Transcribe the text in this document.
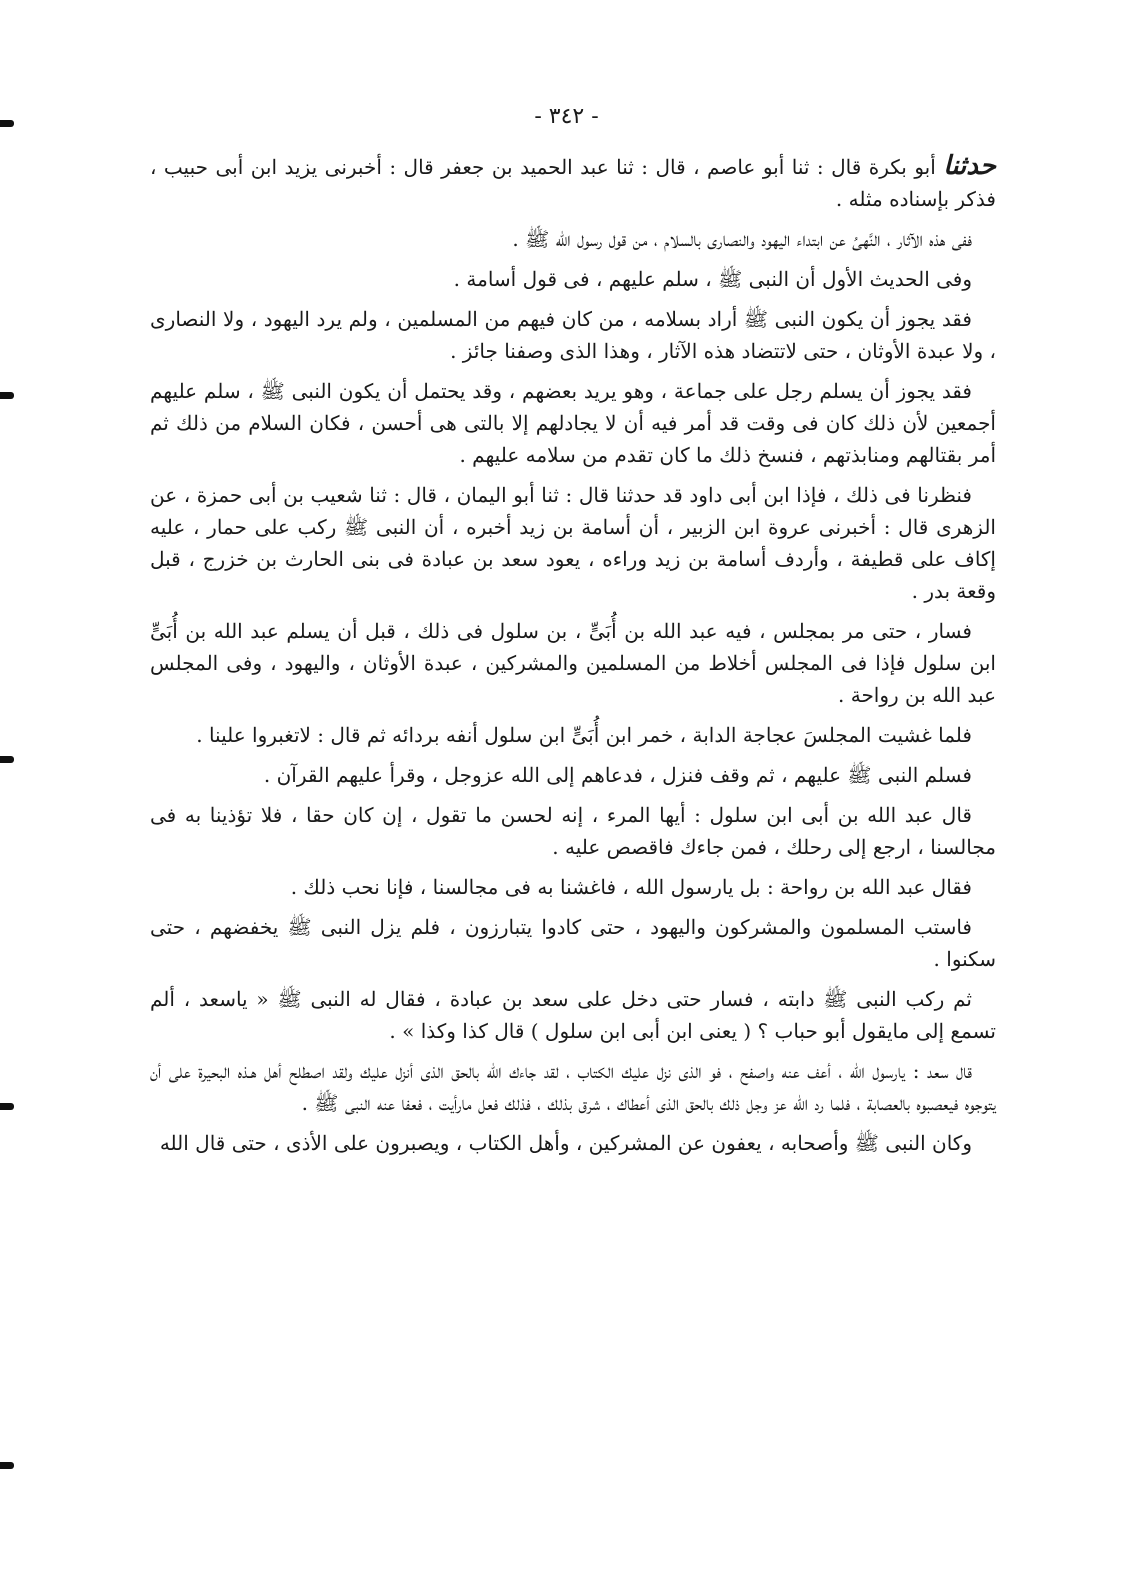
- ٣٤٢ -

حدثنا أبو بكرة قال : ثنا أبو عاصم ، قال : ثنا عبد الحميد بن جعفر قال : أخبرنى يزيد ابن أبى حبيب ، فذكر بإسناده مثله .

ففى هذه الآثار ، النَّهىُ عن ابتداء اليهود والنصارى بالسلام ، من قول رسول الله ﷺ .

وفى الحديث الأول أن النبى ﷺ ، سلم عليهم ، فى قول أسامة .

فقد يجوز أن يكون النبى ﷺ أراد بسلامه ، من كان فيهم من المسلمين ، ولم يرد اليهود ، ولا النصارى ، ولا عبدة الأوثان ، حتى لاتتضاد هذه الآثار ، وهذا الذى وصفنا جائز .

فقد يجوز أن يسلم رجل على جماعة ، وهو يريد بعضهم ، وقد يحتمل أن يكون النبى ﷺ ، سلم عليهم أجمعين لأن ذلك كان فى وقت قد أمر فيه أن لا يجادلهم إلا بالتى هى أحسن ، فكان السلام من ذلك ثم أمر بقتالهم ومنابذتهم ، فنسخ ذلك ما كان تقدم من سلامه عليهم .

فنظرنا فى ذلك ، فإذا ابن أبى داود قد حدثنا قال : ثنا أبو اليمان ، قال : ثنا شعيب بن أبى حمزة ، عن الزهرى قال : أخبرنى عروة ابن الزبير ، أن أسامة بن زيد أخبره ، أن النبى ﷺ ركب على حمار ، عليه إكاف على قطيفة ، وأردف أسامة بن زيد وراءه ، يعود سعد بن عبادة فى بنى الحارث بن خزرج ، قبل وقعة بدر .

فسار ، حتى مر بمجلس ، فيه عبد الله بن أُبَىٍّ ، بن سلول فى ذلك ، قبل أن يسلم عبد الله بن أُبَىٍّ ابن سلول فإذا فى المجلس أخلاط من المسلمين والمشركين ، عبدة الأوثان ، واليهود ، وفى المجلس عبد الله بن رواحة .

فلما غشيت المجلسَ عجاجة الدابة ، خمر ابن أُبَىٍّ ابن سلول أنفه بردائه ثم قال : لاتغبروا علينا .

فسلم النبى ﷺ عليهم ، ثم وقف فنزل ، فدعاهم إلى الله عزوجل ، وقرأ عليهم القرآن .

قال عبد الله بن أبى ابن سلول : أيها المرء ، إنه لحسن ما تقول ، إن كان حقا ، فلا تؤذينا به فى مجالسنا ، ارجع إلى رحلك ، فمن جاءك فاقصص عليه .

فقال عبد الله بن رواحة : بل يارسول الله ، فاغشنا به فى مجالسنا ، فإنا نحب ذلك .

فاستب المسلمون والمشركون واليهود ، حتى كادوا يتبارزون ، فلم يزل النبى ﷺ يخفضهم ، حتى سكنوا .

ثم ركب النبى ﷺ دابته ، فسار حتى دخل على سعد بن عبادة ، فقال له النبى ﷺ « ياسعد ، ألم تسمع إلى مايقول أبو حباب ؟ ( يعنى ابن أبى ابن سلول ) قال كذا وكذا » .

قال سعد : يارسول الله ، أعف عنه واصفح ، فو الذى نزل عليك الكتاب ، لقد جاءك الله بالحق الذى أنزل عليك ولقد اصطلح أهل هـذه البحيرة على أن يتوجوه فيعصبوه بالعصابة ، فلما رد الله عز وجل ذلك بالحق الذى أعطاك ، شرق بذلك ، فذلك فعل مارأيت ، فعفا عنه النبى ﷺ .

وكان النبى ﷺ وأصحابه ، يعفون عن المشركين ، وأهل الكتاب ، ويصبرون على الأذى ، حتى قال الله
